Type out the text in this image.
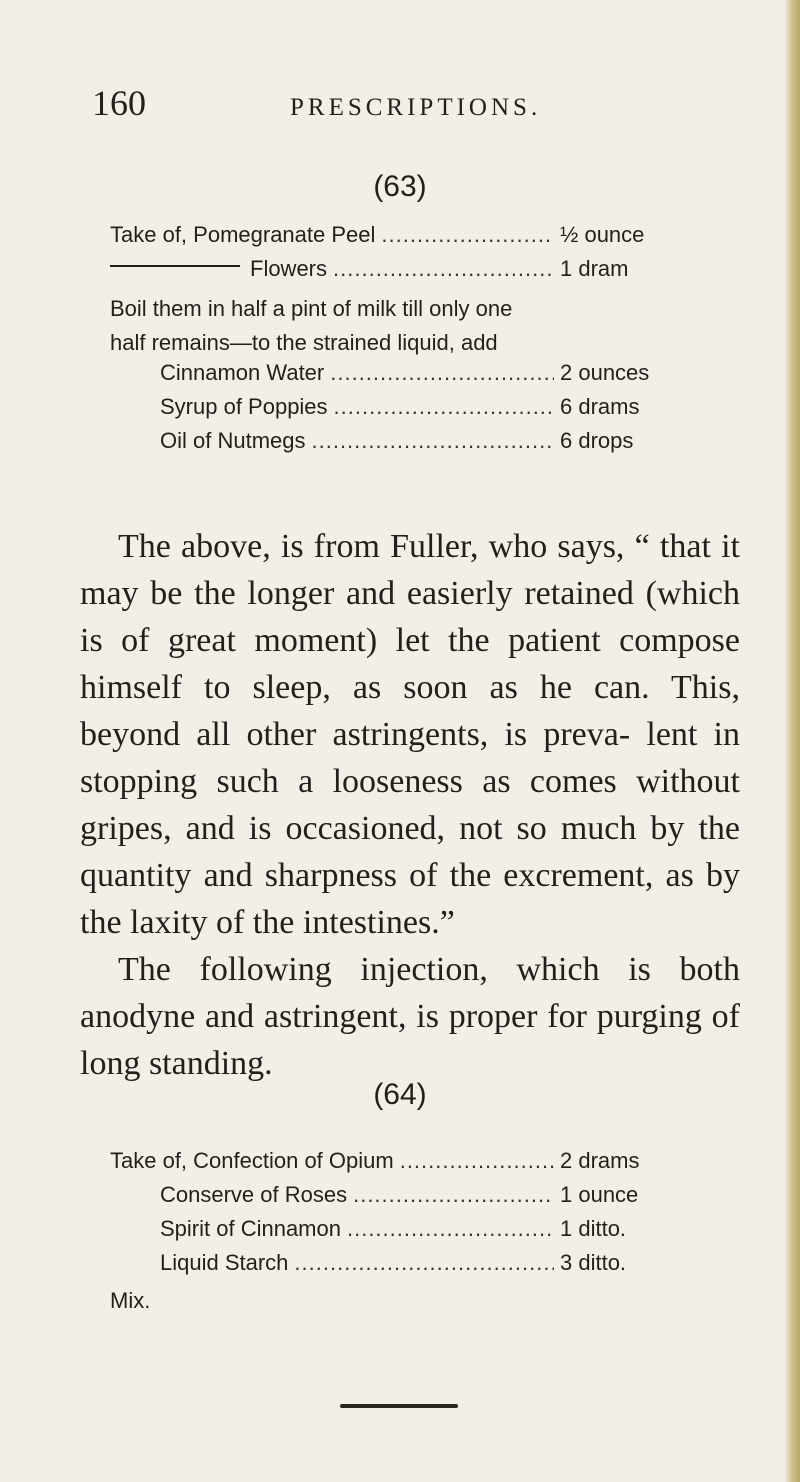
160	PRESCRIPTIONS.
(63)
Take of, Pomegranate Peel .....	½ ounce
Flowers .....	1 dram
Boil them in half a pint of milk till only one half remains—to the strained liquid, add
Cinnamon Water .....	2 ounces
Syrup of Poppies .....	6 drams
Oil of Nutmegs .....	6 drops

The above, is from Fuller, who says, “ that it may be the longer and easierly retained (which is of great moment) let the patient compose himself to sleep, as soon as he can. This, beyond all other astringents, is preva- lent in stopping such a looseness as comes without gripes, and is occasioned, not so much by the quantity and sharpness of the excrement, as by the laxity of the intestines.”

The following injection, which is both anodyne and astringent, is proper for purging of long standing.

(64)
Take of, Confection of Opium .....	2 drams
Conserve of Roses .....	1 ounce
Spirit of Cinnamon .....	1 ditto.
Liquid Starch .....	3 ditto.
Mix.
